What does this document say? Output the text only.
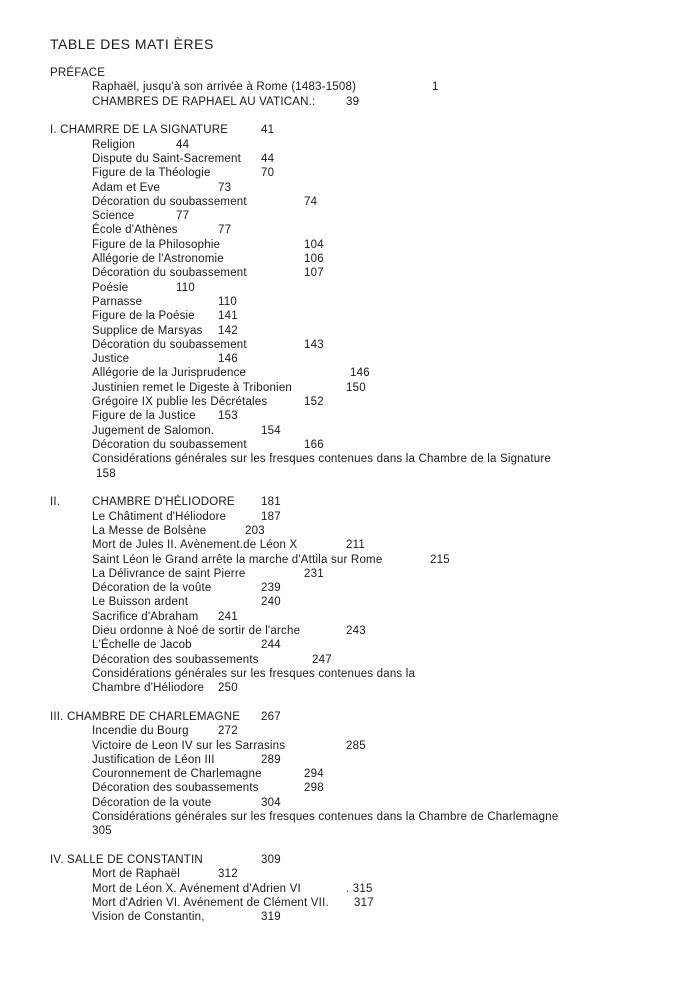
TABLE DES MATI ÈRES
PRÉFACE
Raphaël, jusqu'à son arrivée à Rome (1483-1508)	1
CHAMBRES DE RAPHAEL AU VATICAN.:	39
I. CHAMRRE DE LA SIGNATURE	41
Religion	44
Dispute du Saint-Sacrement 44
Figure de la Théologie	70
Adam et Eve	73
Décoration du soubassement	74
Science	77
École d'Athènes	77
Figure de la Philosophie	104
Allégorie de l'Astronomie	106
Décoration du soubassement	107
Poésie	110
Parnasse	110
Figure de la Poésie 141
Supplice de Marsyas 142
Décoration du soubassement	143
Justice	146
Allégorie de la Jurisprudence	146
Justinien remet le Digeste à Tribonien	150
Grégoire IX publie les Décrétales	152
Figure de la Justice 153
Jugement de Salomon.	154
Décoration du soubassement	166
Considérations générales sur les fresques contenues dans la Chambre de la Signature
158
II.	CHAMBRE D'HÉLIODORE 181
Le Châtiment d'Héliodore	187
La Messe de Bolsène	203
Mort de Jules II. Avènement.de Léon X	211
Saint Léon le Grand arrête la marche d'Attila sur Rome	215
La Délivrance de saint Pierre	231
Décoration de la voûte	239
Le Buisson ardent	240
Sacrifice d'Abraham 241
Dieu ordonne à Noé de sortir de l'arche	243
L'Échelle de Jacob	244
Décoration des soubassements	247
Considérations générales sur les fresques contenues dans la
Chambre d'Héliodore 250
III. CHAMBRE DE CHARLEMAGNE 267
Incendie du Bourg	272
Victoire de Leon IV sur les Sarrasins	285
Justification de Léon III	289
Couronnement de Charlemagne	294
Décoration des soubassements	298
Décoration de la voute	304
Considérations générales sur les fresques contenues dans la Chambre de Charlemagne
305
IV. SALLE DE CONSTANTIN	309
Mort de Raphaël	312
Mort de Léon X. Avénement d'Adrien VI	. 315
Mort d'Adrien VI. Avénement de Clément VII. 317
Vision de Constantin,	319
